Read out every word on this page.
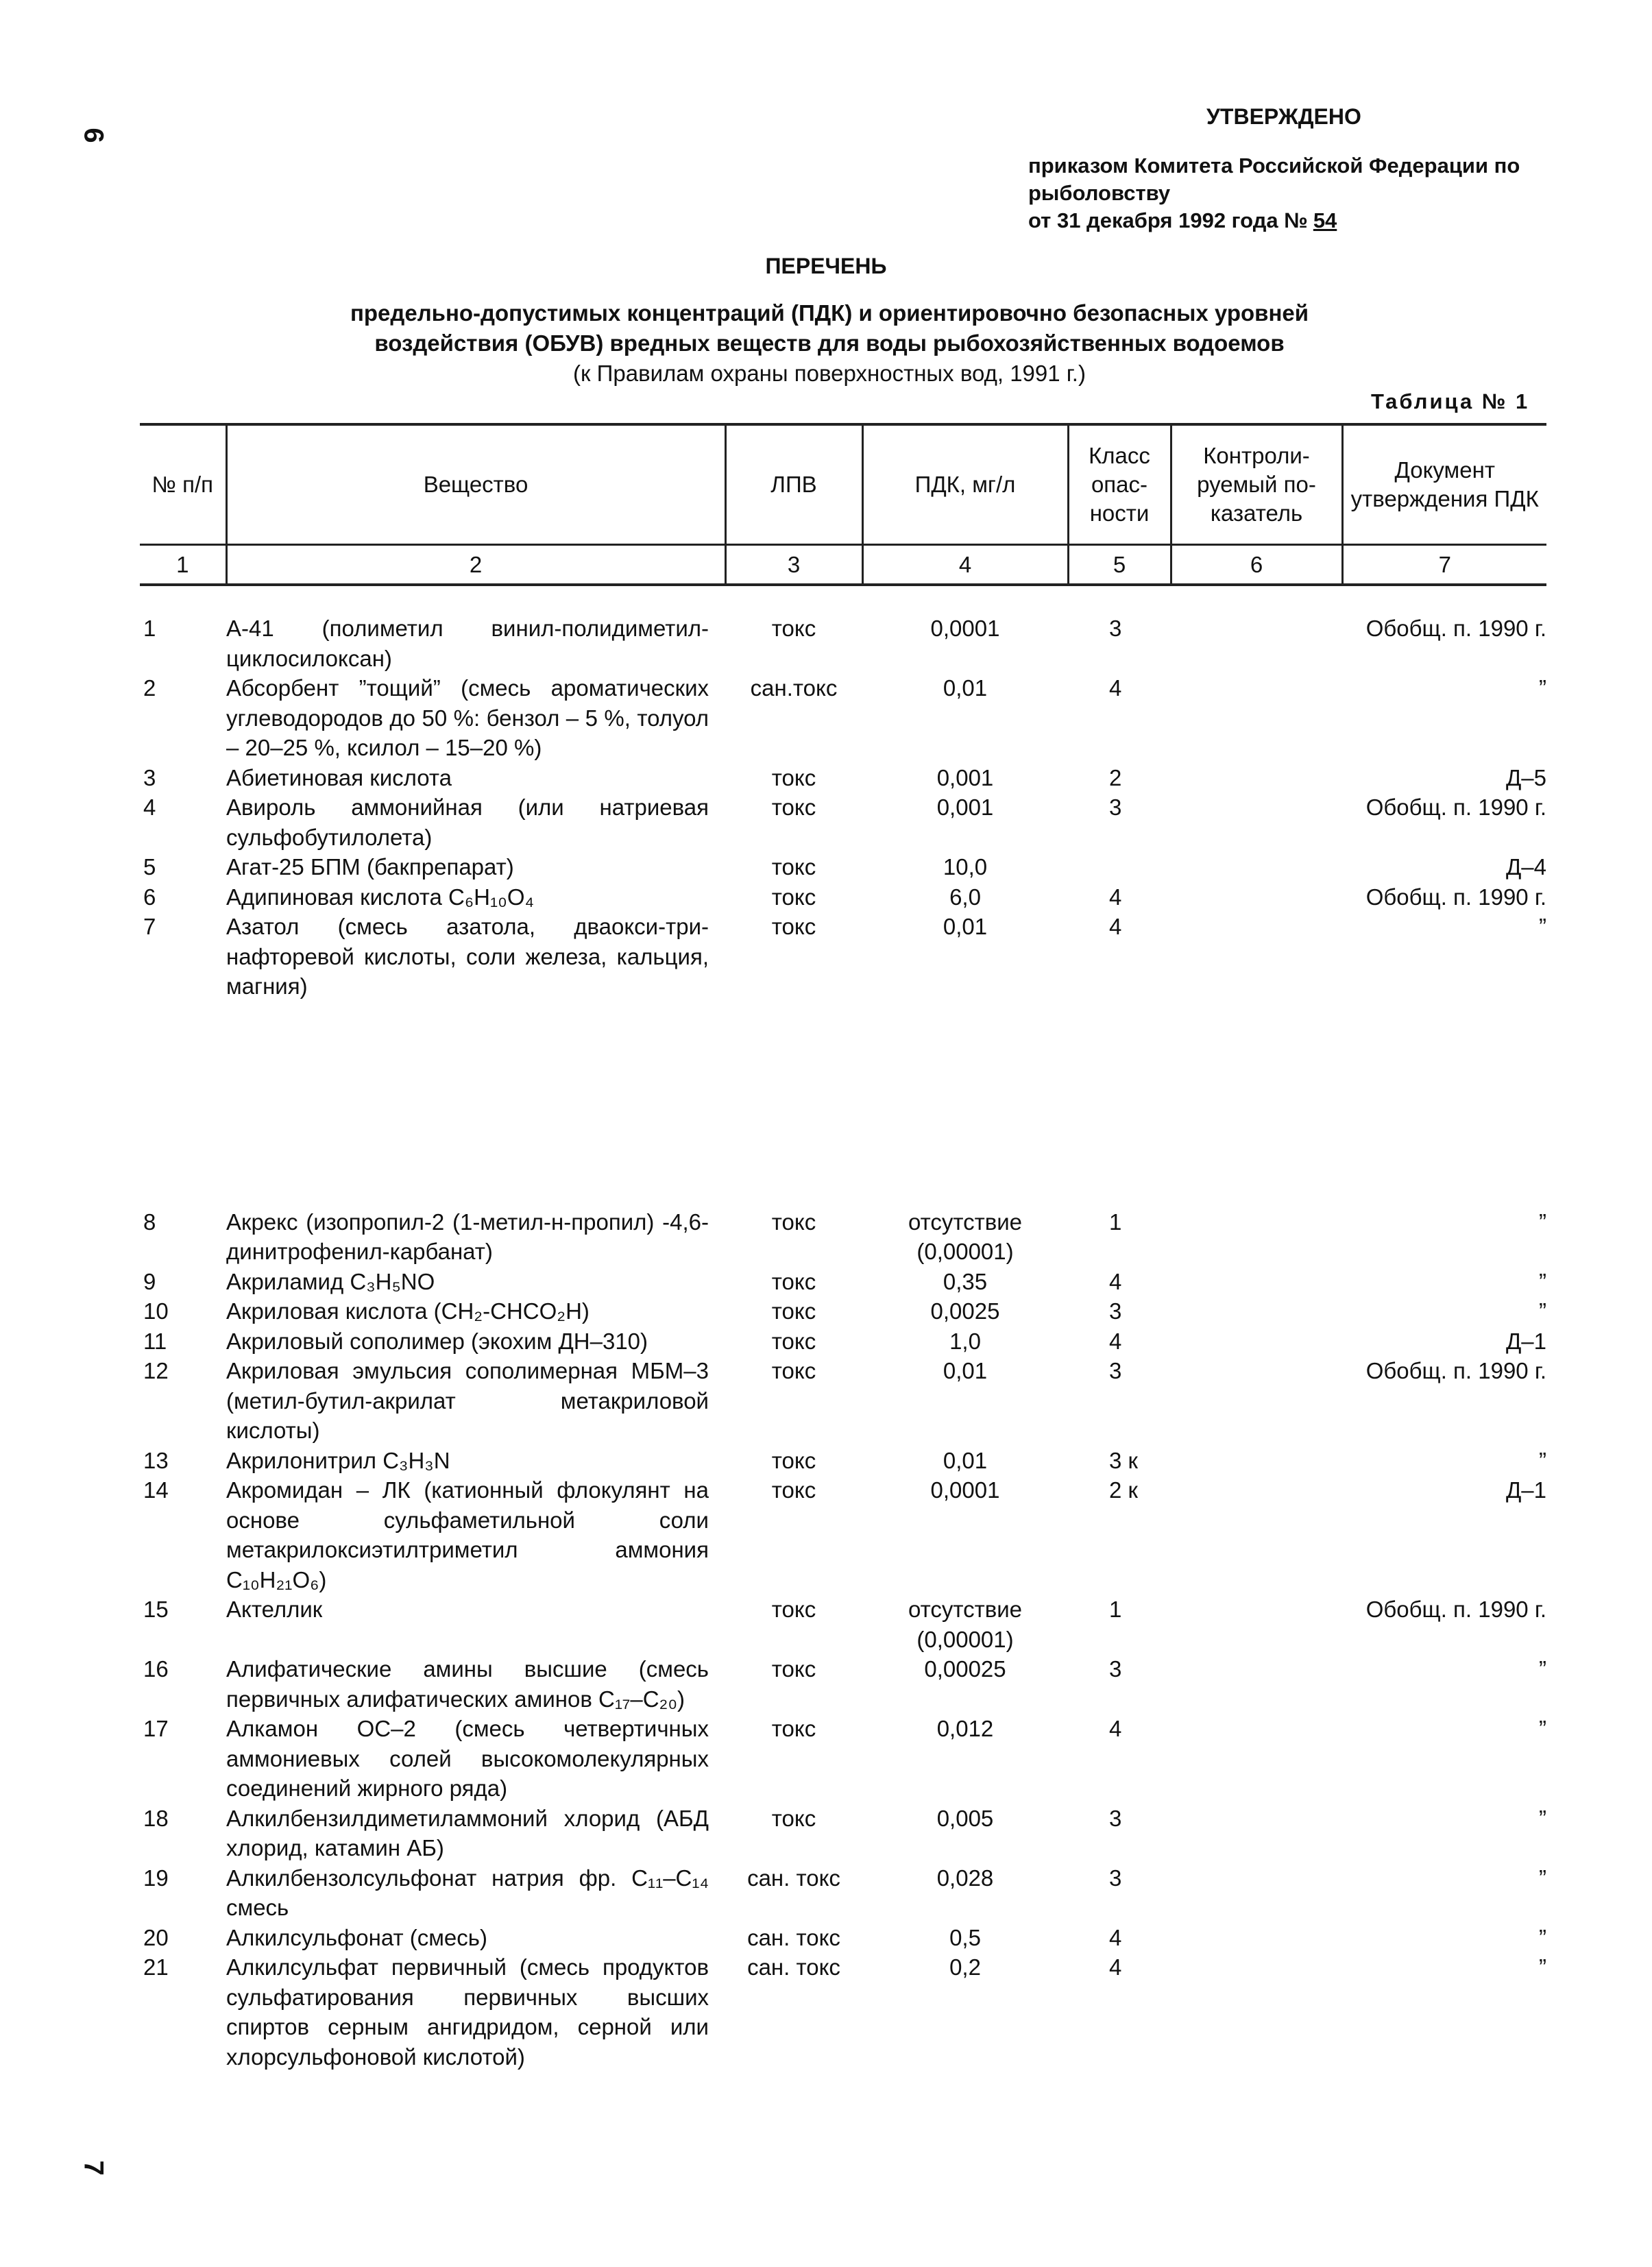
6
7
УТВЕРЖДЕНО
приказом Комитета Российской Федерации по рыболовству
от 31 декабря 1992 года № 54
ПЕРЕЧЕНЬ
предельно-допустимых концентраций (ПДК) и ориентировочно безопасных уровней
воздействия (ОБУВ) вредных веществ для воды рыбохозяйственных водоемов
(к Правилам охраны поверхностных вод, 1991 г.)
Таблица № 1
№ п/п	Вещество	ЛПВ	ПДК, мг/л	Класс опас-ности	Контроли-руемый по-казатель	Документ утверждения ПДК
1	2	3	4	5	6	7
1	А-41 (полиметил винил-полидиметил-циклосилоксан)	токс	0,0001	3		Обобщ. п. 1990 г.
2	Абсорбент ”тощий” (смесь ароматических углеводородов до 50 %: бензол – 5 %, толуол – 20–25 %, ксилол – 15–20 %)	сан.токс	0,01	4		”
3	Абиетиновая кислота	токс	0,001	2		Д–5
4	Авироль аммонийная (или натриевая сульфобутилолета)	токс	0,001	3		Обобщ. п. 1990 г.
5	Агат-25 БПМ (бакпрепарат)	токс	10,0			Д–4
6	Адипиновая кислота C₆H₁₀O₄	токс	6,0	4		Обобщ. п. 1990 г.
7	Азатол (смесь азатола, дваокси-три-нафторевой кислоты, соли железа, кальция, магния)	токс	0,01	4		”

8	Акрекс (изопропил-2 (1-метил-н-пропил) -4,6-динитрофенил-карбанат)	токс	отсутствие (0,00001)	1		”
9	Акриламид C₃H₅NO	токс	0,35	4		”
10	Акриловая кислота (CH₂-CHCO₂H)	токс	0,0025	3		”
11	Акриловый сополимер (экохим ДН–310)	токс	1,0	4		Д–1
12	Акриловая эмульсия сополимерная МБМ–3 (метил-бутил-акрилат метакриловой кислоты)	токс	0,01	3		Обобщ. п. 1990 г.
13	Акрилонитрил C₃H₃N	токс	0,01	3 к		”
14	Акромидан – ЛК (катионный флокулянт на основе сульфаметильной соли метакрилоксиэтилтриметил аммония C₁₀H₂₁O₆)	токс	0,0001	2 к		Д–1
15	Актеллик	токс	отсутствие (0,00001)	1		Обобщ. п. 1990 г.
16	Алифатические амины высшие (смесь первичных алифатических аминов C₁₇–C₂₀)	токс	0,00025	3		”
17	Алкамон ОС–2 (смесь четвертичных аммониевых солей высокомолекулярных соединений жирного ряда)	токс	0,012	4		”
18	Алкилбензилдиметиламмоний хлорид (АБД хлорид, катамин АБ)	токс	0,005	3		”
19	Алкилбензолсульфонат натрия фр. C₁₁–C₁₄ смесь	сан. токс	0,028	3		”
20	Алкилсульфонат (смесь)	сан. токс	0,5	4		”
21	Алкилсульфат первичный (смесь продуктов сульфатирования первичных высших спиртов серным ангидридом, серной или хлорсульфоновой кислотой)	сан. токс	0,2	4		”
